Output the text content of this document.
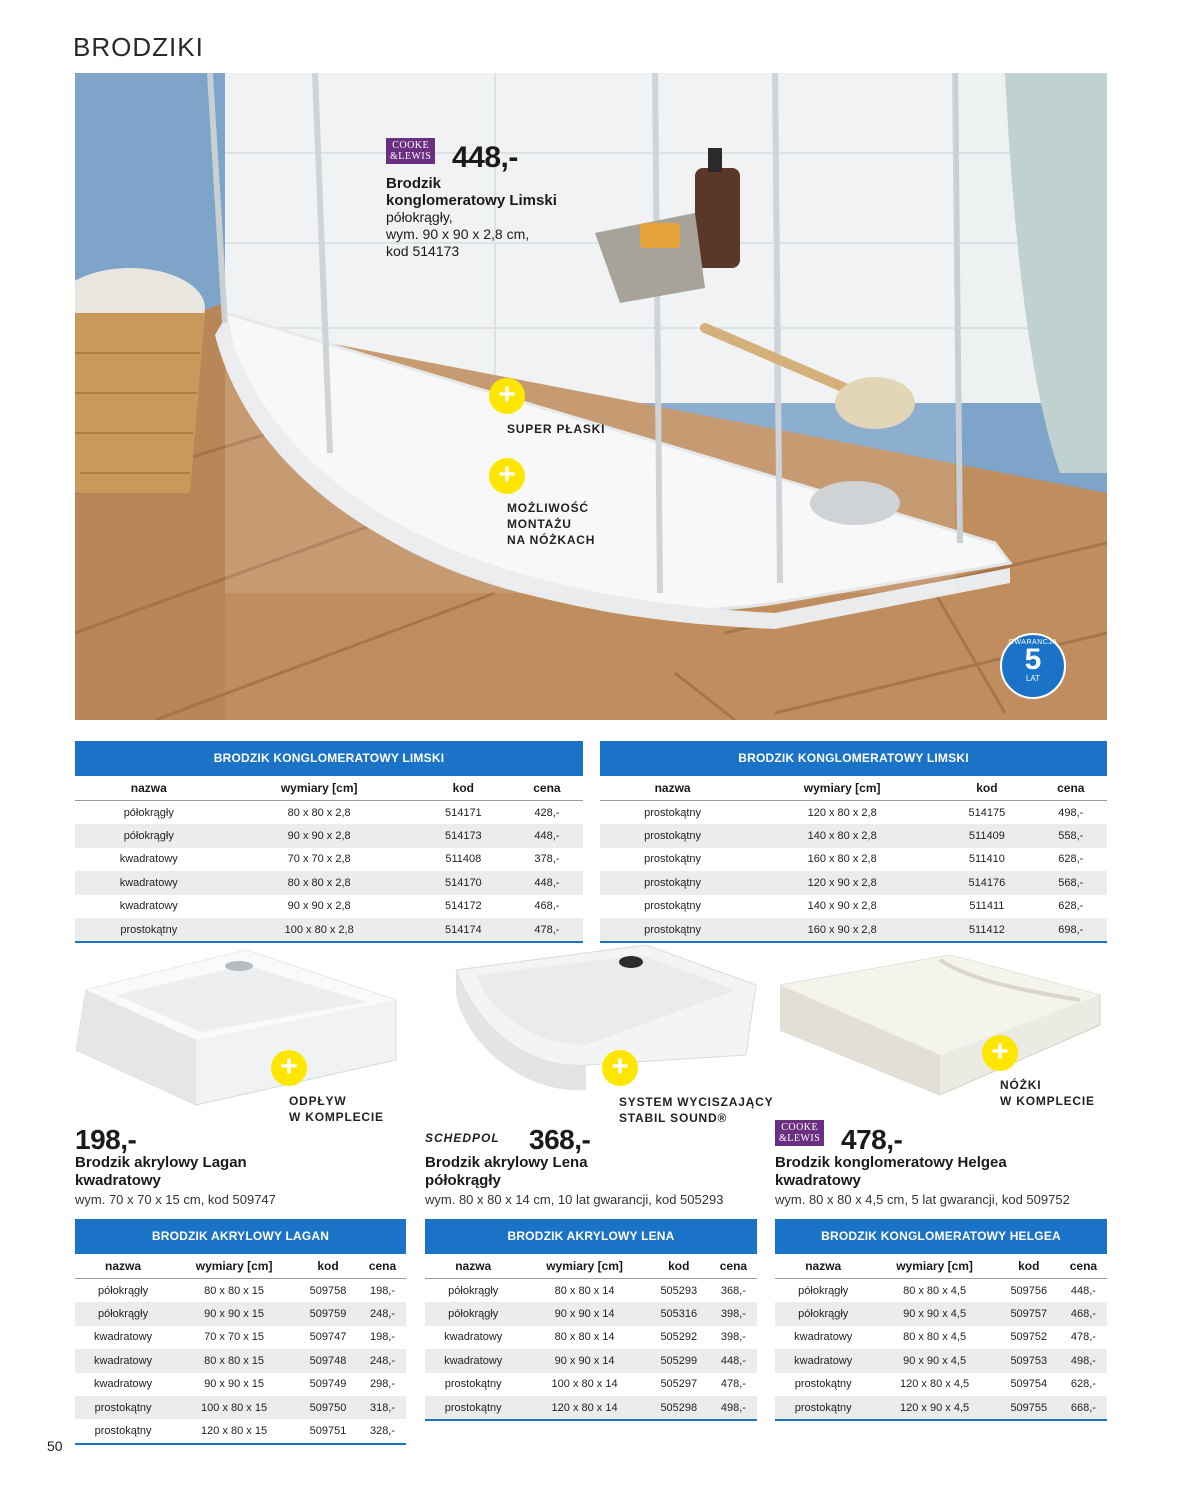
BRODZIKI
COOKE
&LEWIS 448,-
Brodzik
konglomeratowy Limski
półokrągły,
wym. 90 x 90 x 2,8 cm,
kod 514173
+
SUPER PŁASKI
+
MOŻLIWOŚĆ
MONTAŻU
NA NÓŻKACH
GWARANCJA
5
LAT
BRODZIK KONGLOMERATOWY LIMSKI
nazwa	wymiary [cm]	kod	cena
półokrągły	80 x 80 x 2,8	514171	428,-
półokrągły	90 x 90 x 2,8	514173	448,-
kwadratowy	70 x 70 x 2,8	511408	378,-
kwadratowy	80 x 80 x 2,8	514170	448,-
kwadratowy	90 x 90 x 2,8	514172	468,-
prostokątny	100 x 80 x 2,8	514174	478,-
BRODZIK KONGLOMERATOWY LIMSKI
nazwa	wymiary [cm]	kod	cena
prostokątny	120 x 80 x 2,8	514175	498,-
prostokątny	140 x 80 x 2,8	511409	558,-
prostokątny	160 x 80 x 2,8	511410	628,-
prostokątny	120 x 90 x 2,8	514176	568,-
prostokątny	140 x 90 x 2,8	511411	628,-
prostokątny	160 x 90 x 2,8	511412	698,-
+
ODPŁYW
W KOMPLECIE
+
SYSTEM WYCISZAJĄCY
STABIL SOUND®
+
NÓŻKI
W KOMPLECIE
198,-
Brodzik akrylowy Lagan
kwadratowy
wym. 70 x 70 x 15 cm, kod 509747
SCHEDPOL 368,-
Brodzik akrylowy Lena
półokrągły
wym. 80 x 80 x 14 cm, 10 lat gwarancji, kod 505293
COOKE
&LEWIS 478,-
Brodzik konglomeratowy Helgea
kwadratowy
wym. 80 x 80 x 4,5 cm, 5 lat gwarancji, kod 509752
BRODZIK AKRYLOWY LAGAN
nazwa	wymiary [cm]	kod	cena
półokrągły	80 x 80 x 15	509758	198,-
półokrągły	90 x 90 x 15	509759	248,-
kwadratowy	70 x 70 x 15	509747	198,-
kwadratowy	80 x 80 x 15	509748	248,-
kwadratowy	90 x 90 x 15	509749	298,-
prostokątny	100 x 80 x 15	509750	318,-
prostokątny	120 x 80 x 15	509751	328,-
BRODZIK AKRYLOWY LENA
nazwa	wymiary [cm]	kod	cena
półokrągły	80 x 80 x 14	505293	368,-
półokrągły	90 x 90 x 14	505316	398,-
kwadratowy	80 x 80 x 14	505292	398,-
kwadratowy	90 x 90 x 14	505299	448,-
prostokątny	100 x 80 x 14	505297	478,-
prostokątny	120 x 80 x 14	505298	498,-
BRODZIK KONGLOMERATOWY HELGEA
nazwa	wymiary [cm]	kod	cena
półokrągły	80 x 80 x 4,5	509756	448,-
półokrągły	90 x 90 x 4,5	509757	468,-
kwadratowy	80 x 80 x 4,5	509752	478,-
kwadratowy	90 x 90 x 4,5	509753	498,-
prostokątny	120 x 80 x 4,5	509754	628,-
prostokątny	120 x 90 x 4,5	509755	668,-
50
